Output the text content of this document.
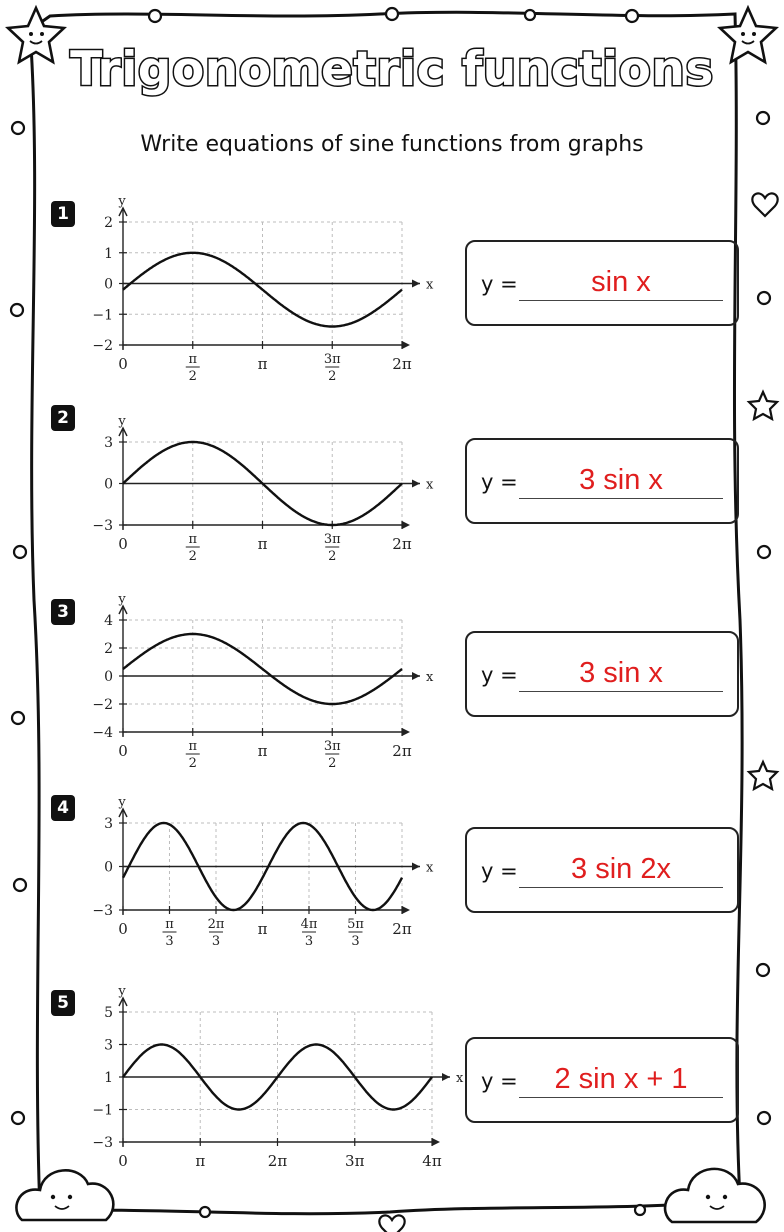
Trigonometric functions
Write equations of sine functions from graphs
1
y
x
2
1
0
−1
−2
0	π
2
π	3π
2
2π
y =	sin x
2	y
x
3
0
−3
0	π
2
π	3π
2
2π
y =	3 sin x
3
y
x
4
2
0
−2
−4
0	π
2
π	3π
2
2π
y =	3 sin x
4	y
x
3
0
−3
0	π
3
2π
3
π	4π
3
5π
3
2π
y =	3 sin 2x
5
y
x
5
3
1
−1
−3
0	π	2π	3π	4π
y =	2 sin x + 1
